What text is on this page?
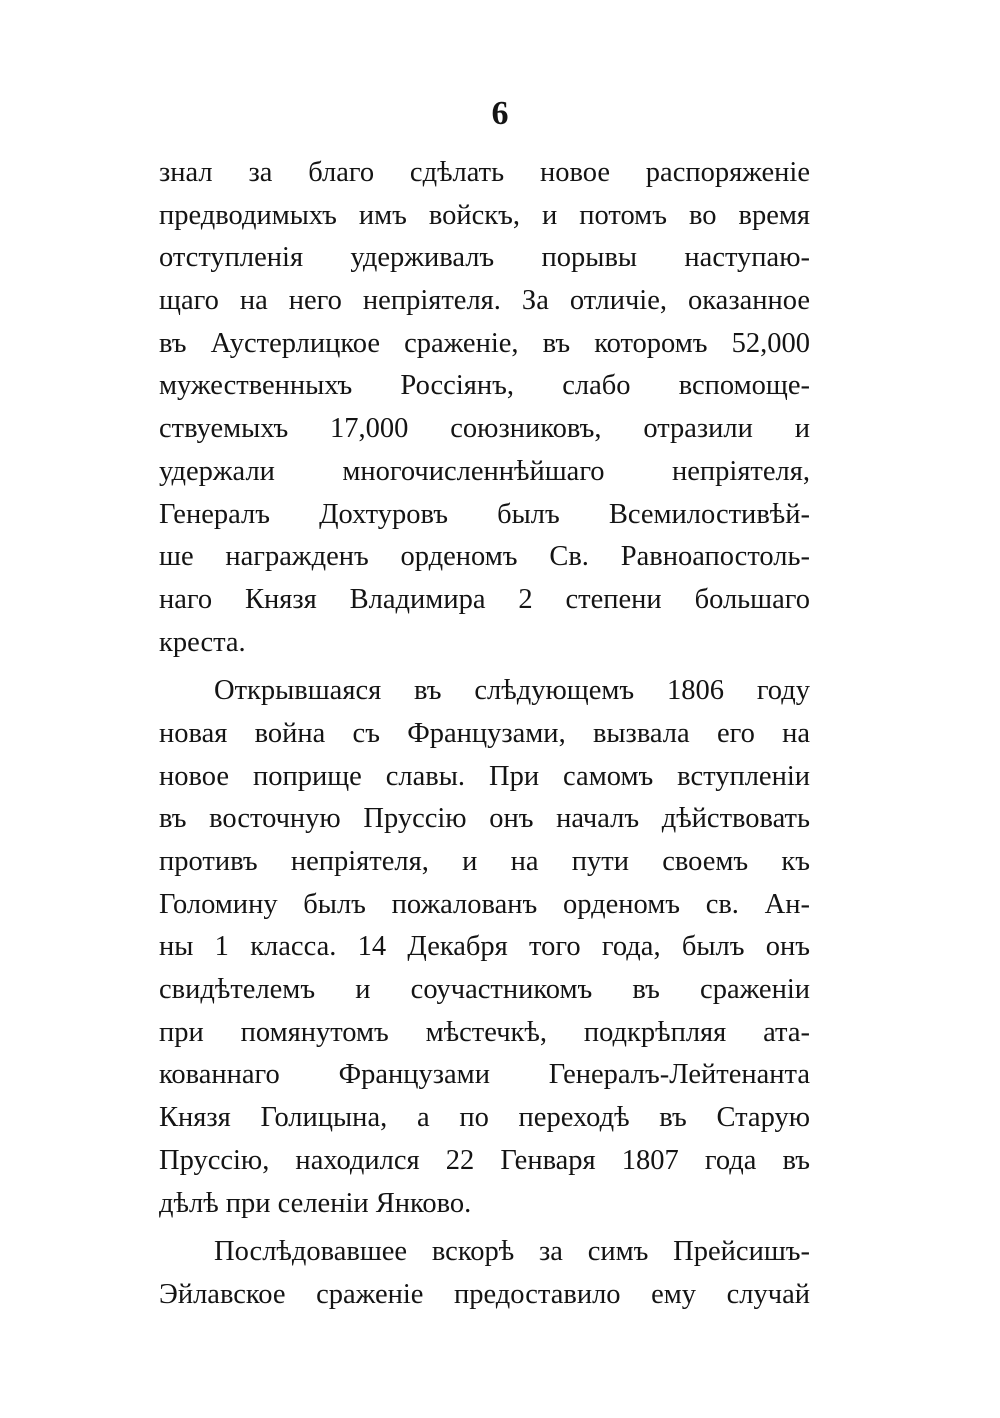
6
знал за благо сдѣлать новое распоряженіе
предводимыхъ имъ войскъ, и потомъ во время
отступленія удерживалъ порывы наступаю-
щаго на него непріятеля. За отличіе, оказанное
въ Аустерлицкое сраженіе, въ которомъ 52,000
мужественныхъ Россіянъ, слабо вспомоще-
ствуемыхъ 17,000 союзниковъ, отразили и
удержали многочисленнѣйшаго непріятеля,
Генералъ Дохтуровъ былъ Всемилостивѣй-
ше награжденъ орденомъ Св. Равноапостоль-
наго Князя Владимира 2 степени большаго
креста.
Открывшаяся въ слѣдующемъ 1806 году
новая война съ Французами, вызвала его на
новое поприще славы. При самомъ вступленіи
въ восточную Пруссію онъ началъ дѣйствовать
противъ непріятеля, и на пути своемъ къ
Голомину былъ пожалованъ орденомъ св. Ан-
ны 1 класса. 14 Декабря того года, былъ онъ
свидѣтелемъ и соучастникомъ въ сраженіи
при помянутомъ мѣстечкѣ, подкрѣпляя ата-
кованнаго Французами Генералъ-Лейтенанта
Князя Голицына, а по переходѣ въ Старую
Пруссію, находился 22 Генваря 1807 года въ
дѣлѣ при селеніи Янково.
Послѣдовавшее вскорѣ за симъ Прейсишъ-
Эйлавское сраженіе предоставило ему случай
